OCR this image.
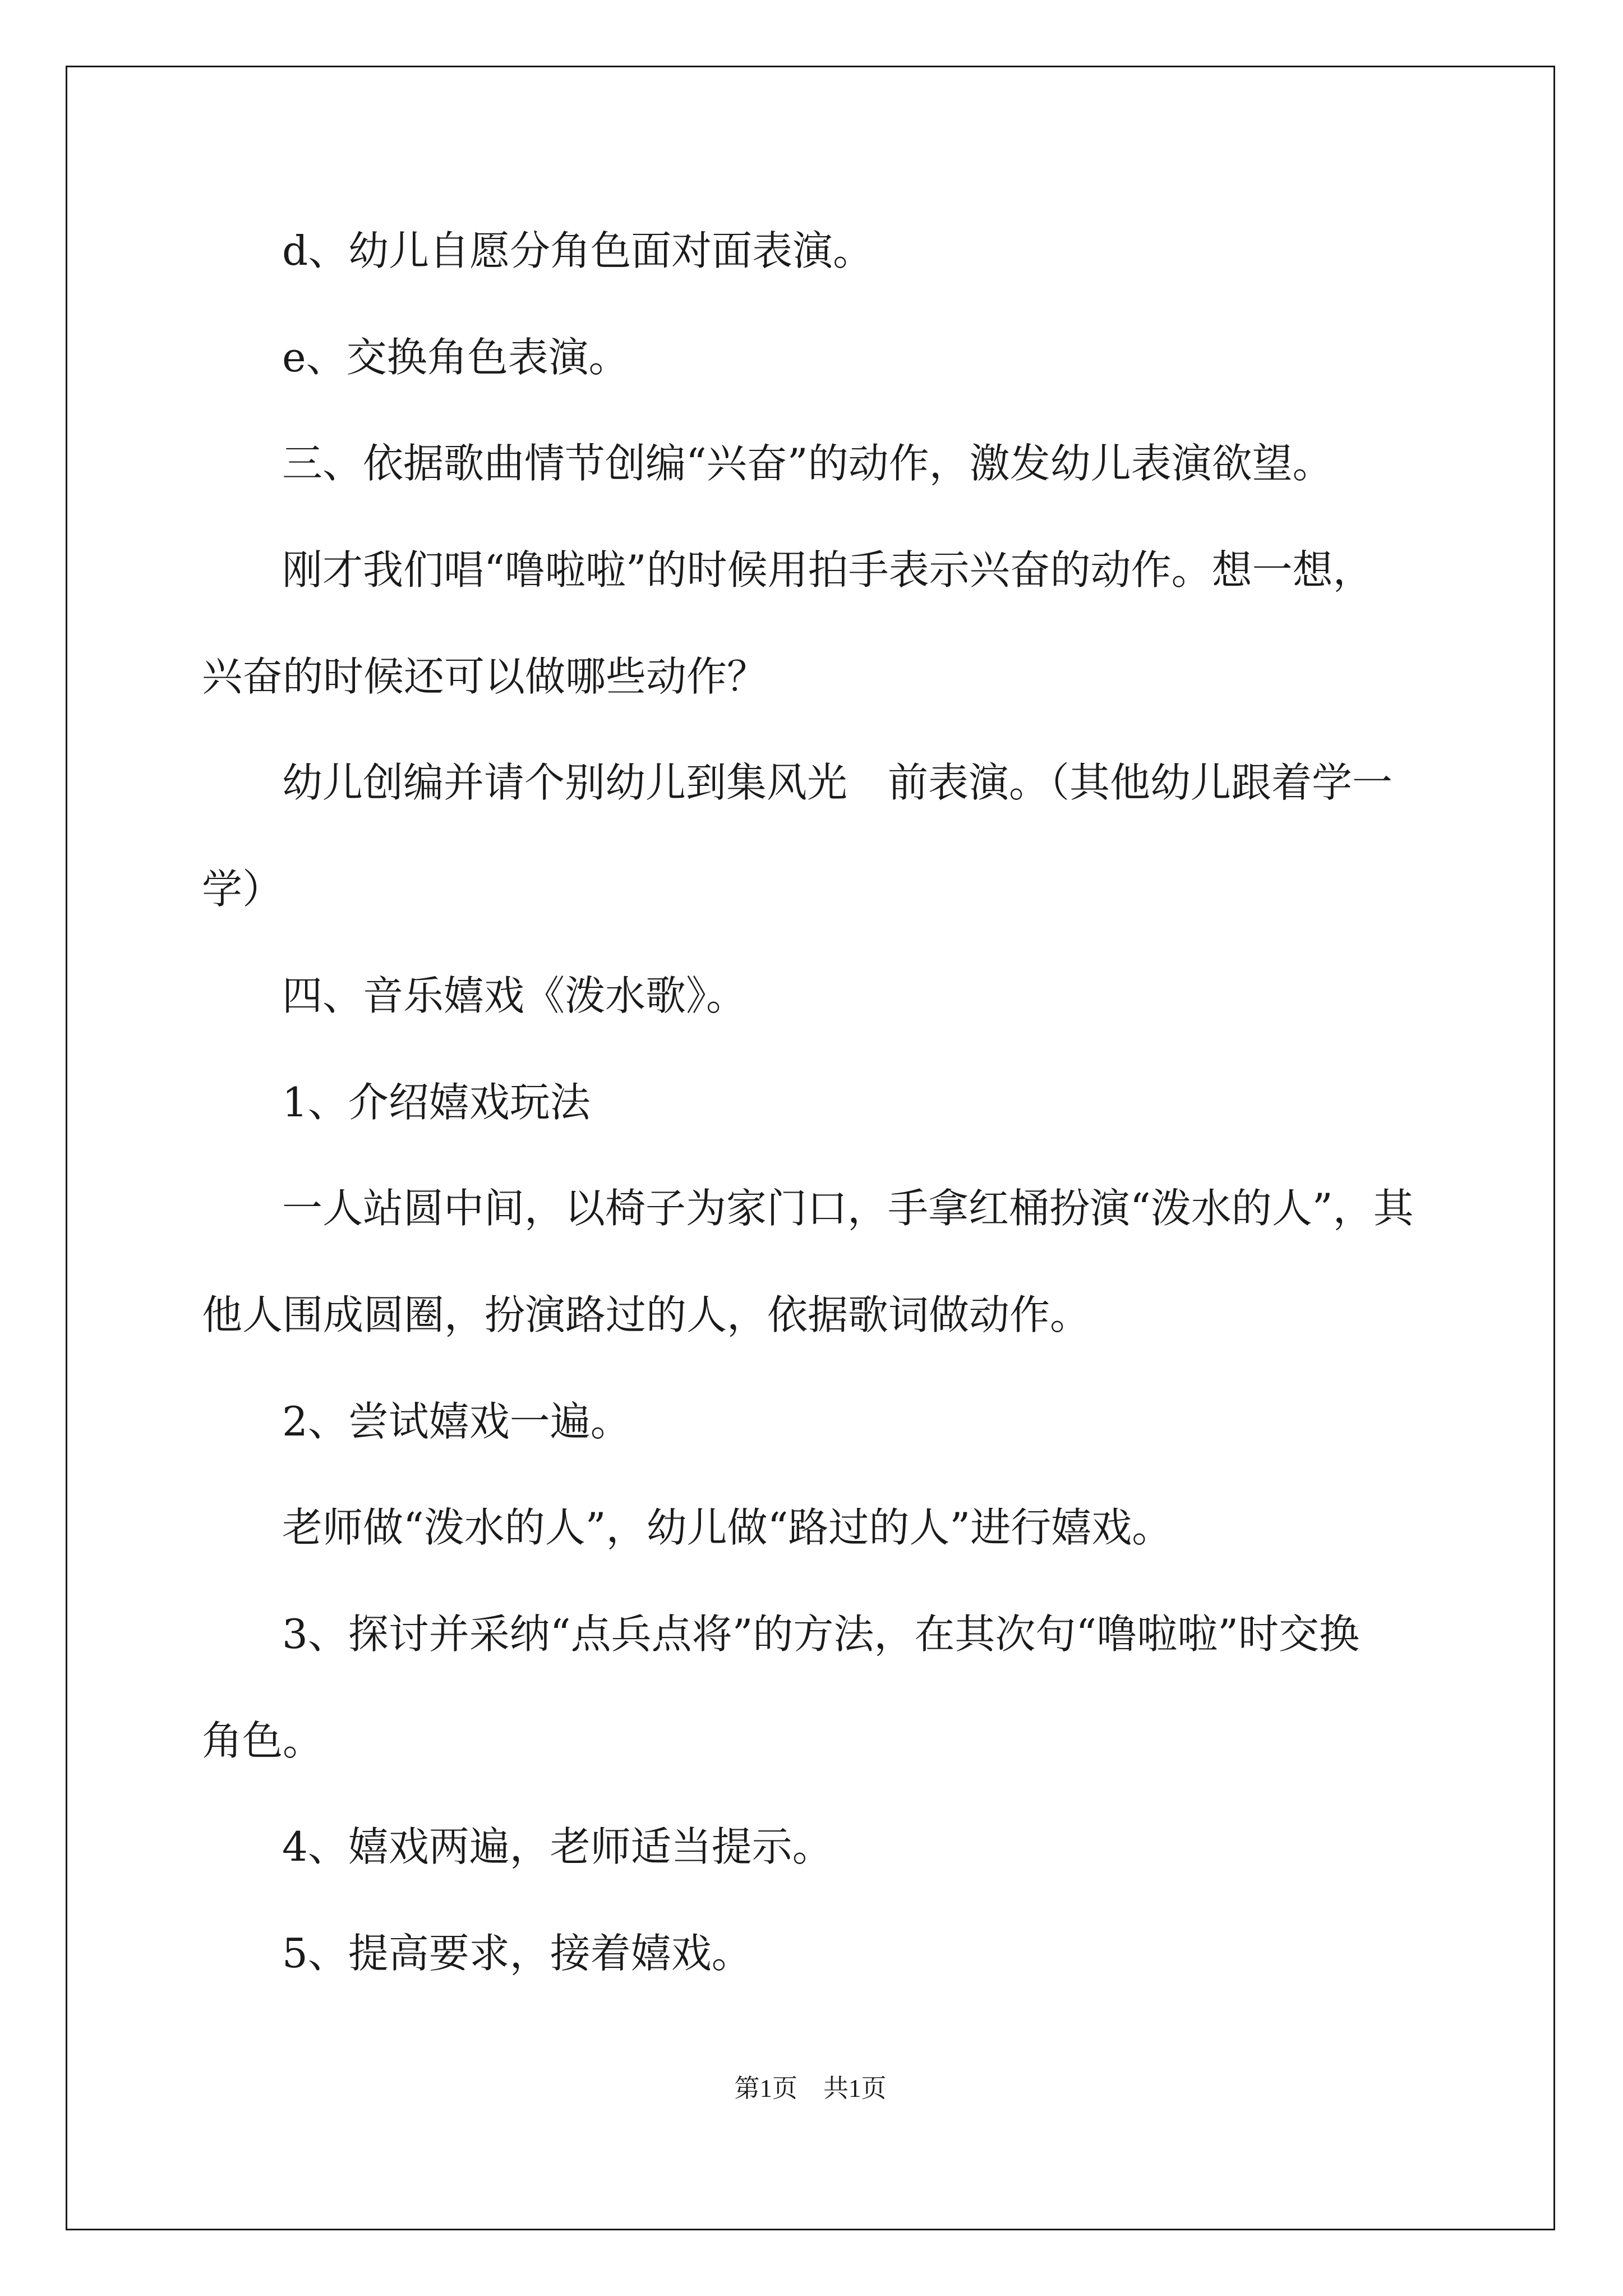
d、幼儿自愿分角色面对面表演。

e、交换角色表演。

三、依据歌曲情节创编“兴奋”的动作，激发幼儿表演欲望。

刚才我们唱“噜啦啦”的时候用拍手表示兴奋的动作。想一想，

兴奋的时候还可以做哪些动作？

幼儿创编并请个别幼儿到集风光　前表演。（其他幼儿跟着学一

学）

四、音乐嬉戏《泼水歌》。

1、介绍嬉戏玩法

一人站圆中间，以椅子为家门口，手拿红桶扮演“泼水的人”，其

他人围成圆圈，扮演路过的人，依据歌词做动作。

2、尝试嬉戏一遍。

老师做“泼水的人”，幼儿做“路过的人”进行嬉戏。

3、探讨并采纳“点兵点将”的方法，在其次句“噜啦啦”时交换

角色。

4、嬉戏两遍，老师适当提示。

5、提高要求，接着嬉戏。

第1页 共1页
